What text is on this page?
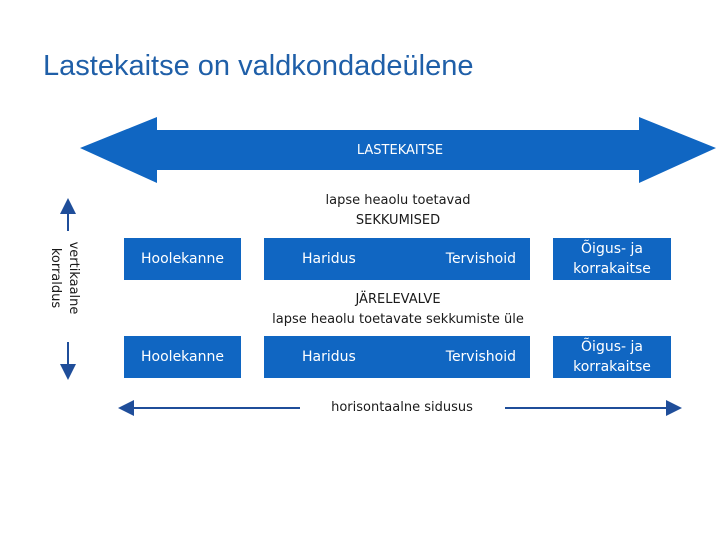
Lastekaitse on valdkondadeülene
LASTEKAITSE
lapse heaolu toetavad
SEKKUMISED
Hoolekanne	Haridus	Tervishoid
Õigus- ja
korrakaitse
JÄRELEVALVE
lapse heaolu toetavate sekkumiste üle
Hoolekanne	Haridus	Tervishoid
Õigus- ja
korrakaitse
vertikaalne
korraldus
horisontaalne sidusus
